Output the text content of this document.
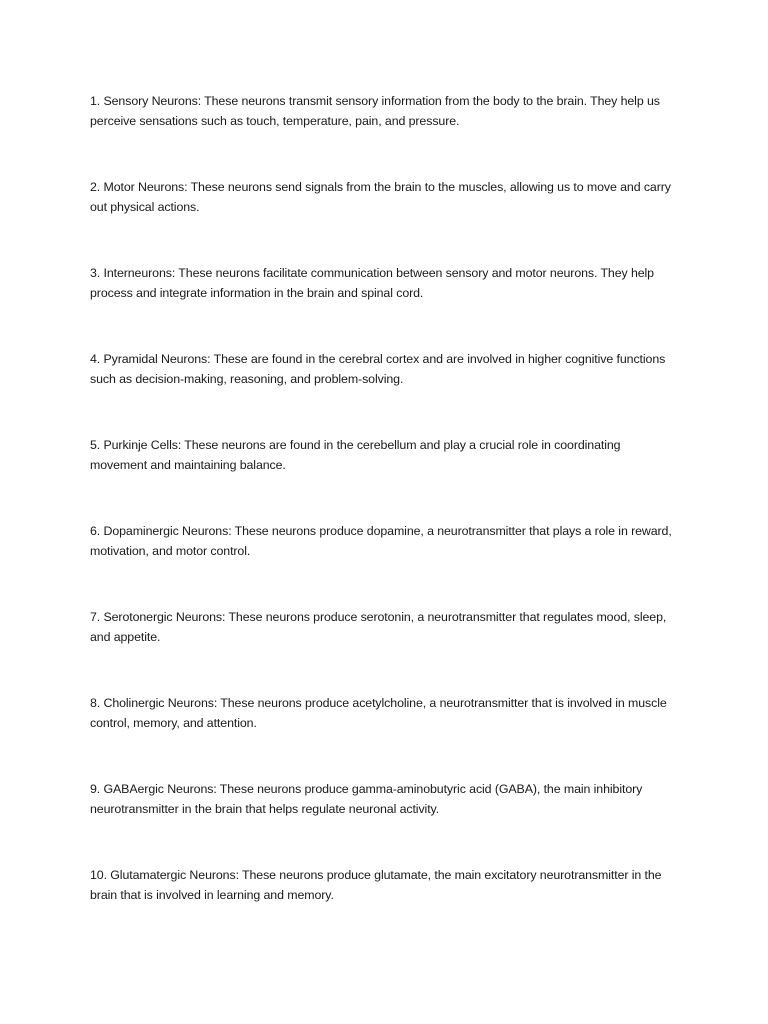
1. Sensory Neurons: These neurons transmit sensory information from the body to the brain. They help us perceive sensations such as touch, temperature, pain, and pressure.

2. Motor Neurons: These neurons send signals from the brain to the muscles, allowing us to move and carry out physical actions.

3. Interneurons: These neurons facilitate communication between sensory and motor neurons. They help process and integrate information in the brain and spinal cord.

4. Pyramidal Neurons: These are found in the cerebral cortex and are involved in higher cognitive functions such as decision-making, reasoning, and problem-solving.

5. Purkinje Cells: These neurons are found in the cerebellum and play a crucial role in coordinating movement and maintaining balance.

6. Dopaminergic Neurons: These neurons produce dopamine, a neurotransmitter that plays a role in reward, motivation, and motor control.

7. Serotonergic Neurons: These neurons produce serotonin, a neurotransmitter that regulates mood, sleep, and appetite.

8. Cholinergic Neurons: These neurons produce acetylcholine, a neurotransmitter that is involved in muscle control, memory, and attention.

9. GABAergic Neurons: These neurons produce gamma-aminobutyric acid (GABA), the main inhibitory neurotransmitter in the brain that helps regulate neuronal activity.

10. Glutamatergic Neurons: These neurons produce glutamate, the main excitatory neurotransmitter in the brain that is involved in learning and memory.
